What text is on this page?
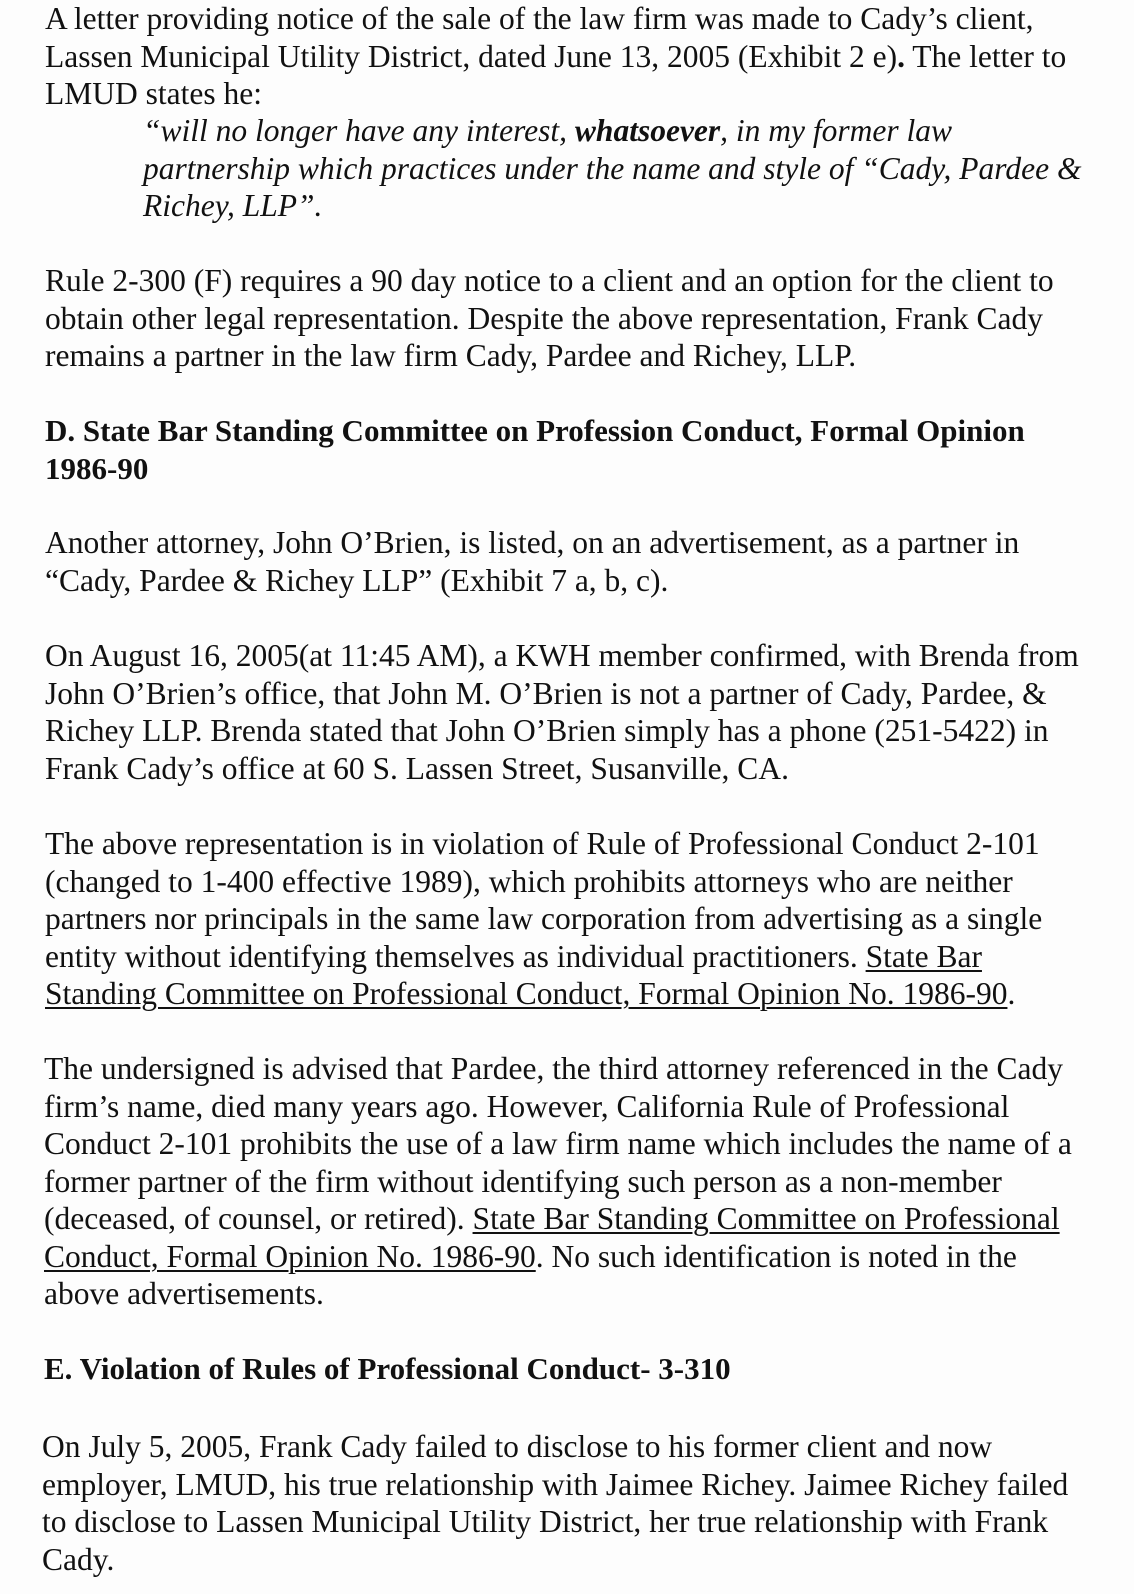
A letter providing notice of the sale of the law firm was made to Cady’s client,
Lassen Municipal Utility District, dated June 13, 2005 (Exhibit 2 e). The letter to
LMUD states he:
“will no longer have any interest, whatsoever, in my former law
partnership which practices under the name and style of “Cady, Pardee &
Richey, LLP”.
Rule 2-300 (F) requires a 90 day notice to a client and an option for the client to
obtain other legal representation. Despite the above representation, Frank Cady
remains a partner in the law firm Cady, Pardee and Richey, LLP.
D. State Bar Standing Committee on Profession Conduct, Formal Opinion
1986-90
Another attorney, John O’Brien, is listed, on an advertisement, as a partner in
“Cady, Pardee & Richey LLP” (Exhibit 7 a, b, c).
On August 16, 2005(at 11:45 AM), a KWH member confirmed, with Brenda from
John O’Brien’s office, that John M. O’Brien is not a partner of Cady, Pardee, &
Richey LLP. Brenda stated that John O’Brien simply has a phone (251-5422) in
Frank Cady’s office at 60 S. Lassen Street, Susanville, CA.
The above representation is in violation of Rule of Professional Conduct 2-101
(changed to 1-400 effective 1989), which prohibits attorneys who are neither
partners nor principals in the same law corporation from advertising as a single
entity without identifying themselves as individual practitioners. State Bar
Standing Committee on Professional Conduct, Formal Opinion No. 1986-90.
The undersigned is advised that Pardee, the third attorney referenced in the Cady
firm’s name, died many years ago. However, California Rule of Professional
Conduct 2-101 prohibits the use of a law firm name which includes the name of a
former partner of the firm without identifying such person as a non-member
(deceased, of counsel, or retired). State Bar Standing Committee on Professional
Conduct, Formal Opinion No. 1986-90. No such identification is noted in the
above advertisements.
E. Violation of Rules of Professional Conduct- 3-310
On July 5, 2005, Frank Cady failed to disclose to his former client and now
employer, LMUD, his true relationship with Jaimee Richey. Jaimee Richey failed
to disclose to Lassen Municipal Utility District, her true relationship with Frank
Cady.
